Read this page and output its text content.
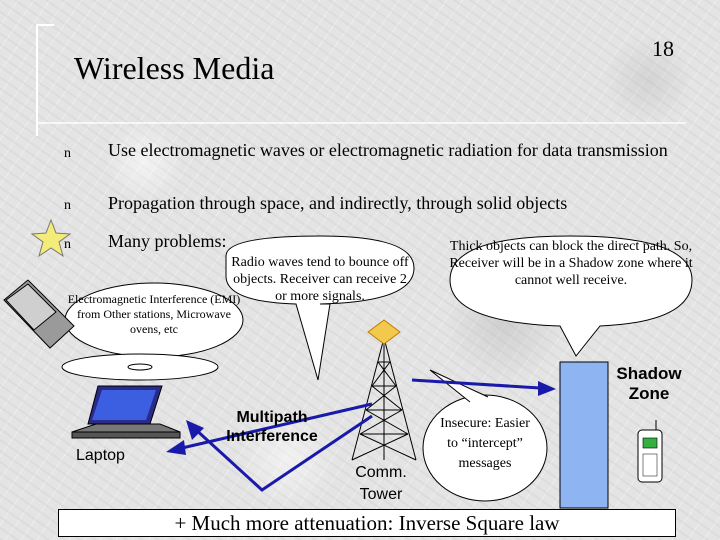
Wireless Media
18
n Use electromagnetic waves or electromagnetic radiation for data transmission
n Propagation through space, and indirectly, through solid objects
n Many problems:
Electromagnetic Interference (EMI) from Other stations, Microwave ovens, etc
Radio waves tend to bounce off objects. Receiver can receive 2 or more signals.
Thick objects can block the direct path. So, Receiver will be in a Shadow zone where it cannot well receive.
Insecure: Easier to “intercept” messages
Laptop
Multipath Interference
Comm. Tower
Shadow Zone
+ Much more attenuation: Inverse Square law
